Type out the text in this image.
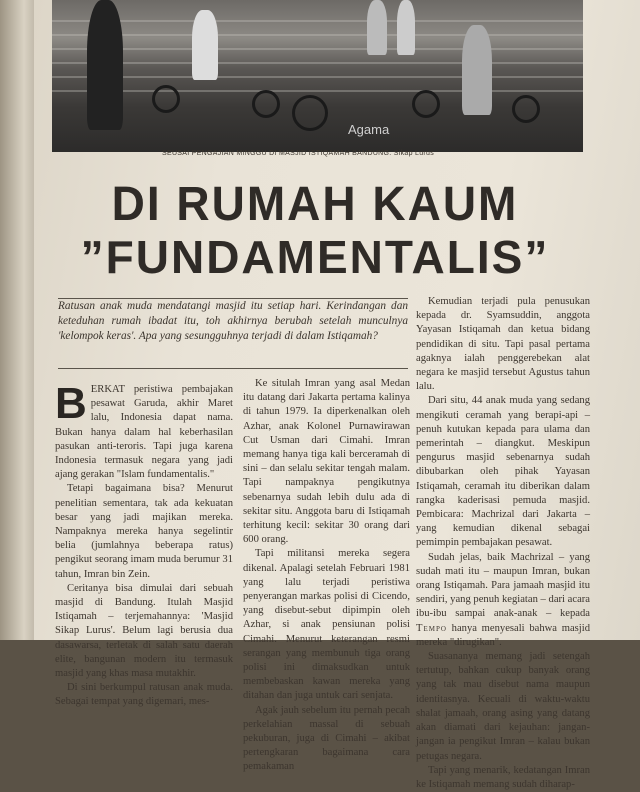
Agama
SEUSAI PENGAJIAN MINGGU DI MASJID ISTIQAMAH BANDUNG. Sikap Lurus
DI RUMAH KAUM
”FUNDAMENTALIS”
Ratusan anak muda mendatangi masjid itu setiap hari. Kerindangan dan keteduhan rumah ibadat itu, toh akhirnya berubah setelah munculnya 'kelompok keras'. Apa yang sesungguhnya terjadi di dalam Istiqamah?

BERKAT peristiwa pembajakan pesawat Garuda, akhir Maret lalu, Indonesia dapat nama. Bukan hanya dalam hal keberhasilan pasukan anti-teroris. Tapi juga karena Indonesia termasuk negara yang jadi ajang gerakan "Islam fundamentalis."

Tetapi bagaimana bisa? Menurut penelitian sementara, tak ada kekuatan besar yang jadi majikan mereka. Nampaknya mereka hanya segelintir belia (jumlahnya beberapa ratus) pengikut seorang imam muda berumur 31 tahun, Imran bin Zein.

Ceritanya bisa dimulai dari sebuah masjid di Bandung. Itulah Masjid Istiqamah – terjemahannya: 'Masjid Sikap Lurus'. Belum lagi berusia dua dasawarsa, terletak di salah satu daerah elite, bangunan modern itu termasuk masjid yang khas masa mutakhir.

Di sini berkumpul ratusan anak muda. Sebagai tempat yang digemari, mes-

Ke situlah Imran yang asal Medan itu datang dari Jakarta pertama kalinya di tahun 1979. Ia diperkenalkan oleh Azhar, anak Kolonel Purnawirawan Cut Usman dari Cimahi. Imran memang hanya tiga kali berceramah di sini – dan selalu sekitar tengah malam. Tapi nampaknya pengikutnya sebenarnya sudah lebih dulu ada di sekitar situ. Anggota baru di Istiqamah terhitung kecil: sekitar 30 orang dari 600 orang.

Tapi militansi mereka segera dikenal. Apalagi setelah Februari 1981 yang lalu terjadi peristiwa penyerangan markas polisi di Cicendo, yang disebut-sebut dipimpin oleh Azhar, si anak pensiunan polisi Cimahi. Menurut keterangan resmi serangan yang membunuh tiga orang polisi ini dimaksudkan untuk membebaskan kawan mereka yang ditahan dan juga untuk cari senjata.

Agak jauh sebelum itu pernah pecah perkelahian massal di sebuah pekuburan, juga di Cimahi – akibat pertengkaran bagaimana cara pemakaman

Kemudian terjadi pula penusukan kepada dr. Syamsuddin, anggota Yayasan Istiqamah dan ketua bidang pendidikan di situ. Tapi pasal pertama agaknya ialah penggerebekan alat negara ke masjid tersebut Agustus tahun lalu.

Dari situ, 44 anak muda yang sedang mengikuti ceramah yang berapi-api – penuh kutukan kepada para ulama dan pemerintah – diangkut. Meskipun pengurus masjid sebenarnya sudah dibubarkan oleh pihak Yayasan Istiqamah, ceramah itu diberikan dalam rangka kaderisasi pemuda masjid. Pembicara: Machrizal dari Jakarta – yang kemudian dikenal sebagai pemimpin pembajakan pesawat.

Sudah jelas, baik Machrizal – yang sudah mati itu – maupun Imran, bukan orang Istiqamah. Para jamaah masjid itu sendiri, yang penuh kegiatan – dari acara ibu-ibu sampai anak-anak – kepada Tempo hanya menyesali bahwa masjid mereka "dirugikan".

Suasananya memang jadi setengah tertutup, bahkan cukup banyak orang yang tak mau disebut nama maupun identitasnya. Kecuali di waktu-waktu shalat jamaah, orang asing yang datang akan diamati dari kejauhan: jangan-jangan ia pengikut Imran – kalau bukan petugas negara.

Tapi yang menarik, kedatangan Imran ke Istiqamah memang sudah diharap-
